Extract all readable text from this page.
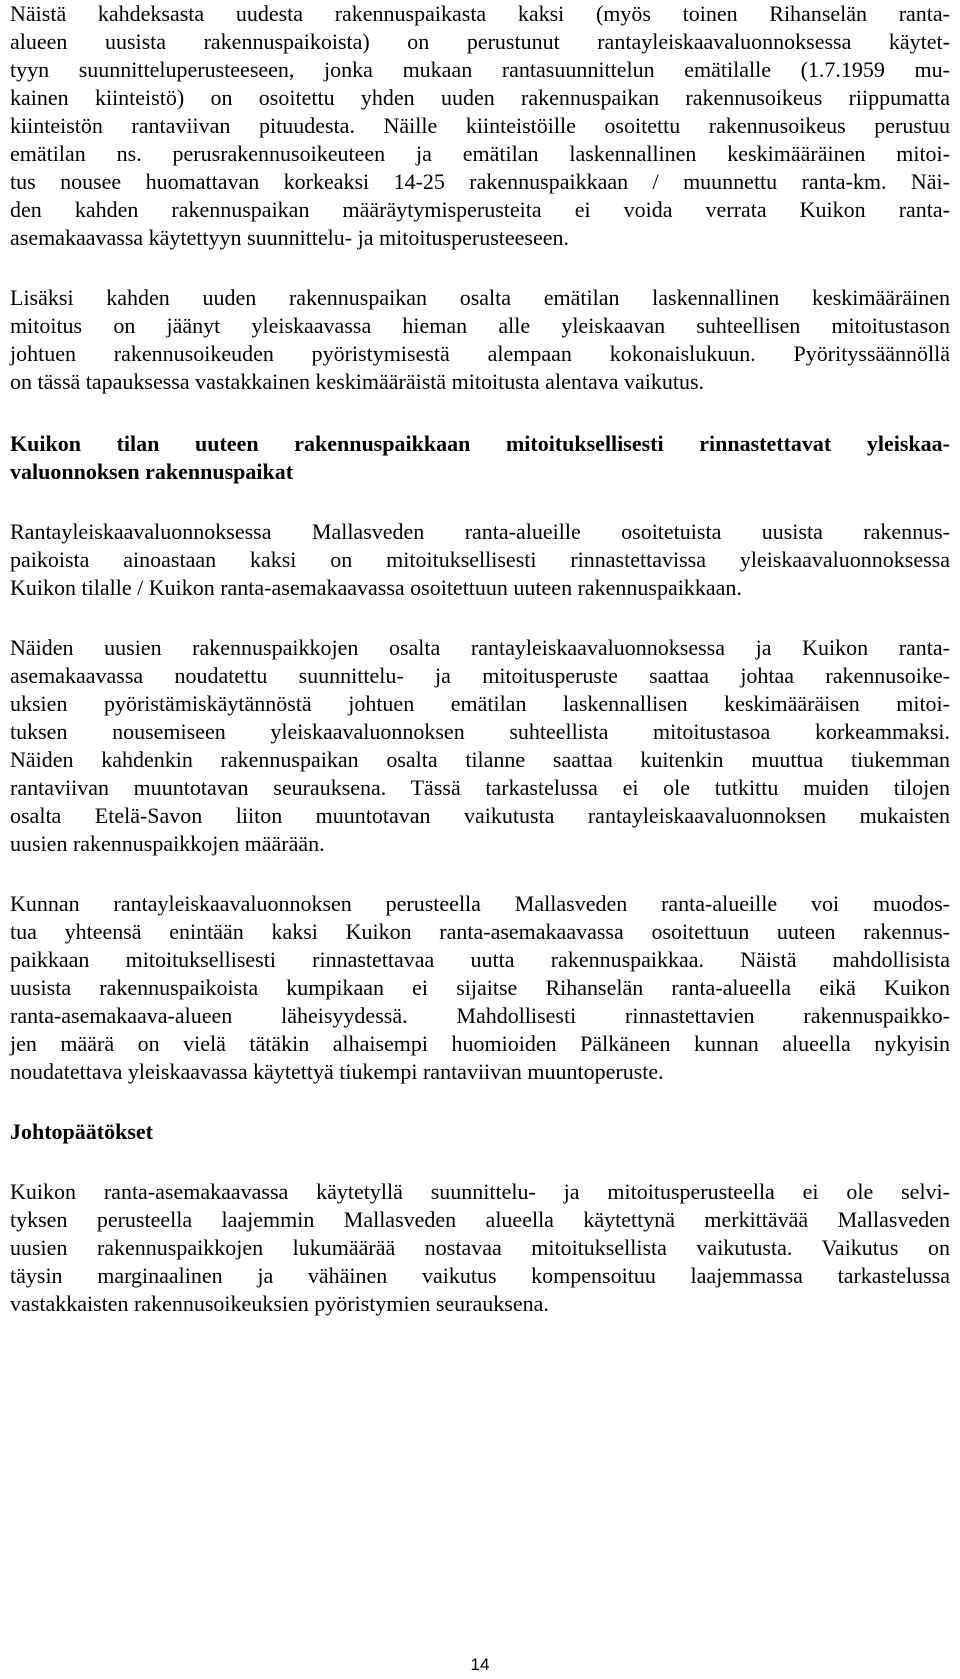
Näistä kahdeksasta uudesta rakennuspaikasta kaksi (myös toinen Rihanselän ranta-
alueen uusista rakennuspaikoista) on perustunut rantayleiskaavaluonnoksessa käytet-
tyyn suunnitteluperusteeseen, jonka mukaan rantasuunnittelun emätilalle (1.7.1959 mu-
kainen kiinteistö) on osoitettu yhden uuden rakennuspaikan rakennusoikeus riippumatta
kiinteistön rantaviivan pituudesta. Näille kiinteistöille osoitettu rakennusoikeus perustuu
emätilan ns. perusrakennusoikeuteen ja emätilan laskennallinen keskimääräinen mitoi-
tus nousee huomattavan korkeaksi 14-25 rakennuspaikkaan / muunnettu ranta-km. Näi-
den kahden rakennuspaikan määräytymisperusteita ei voida verrata Kuikon ranta-
asemakaavassa käytettyyn suunnittelu- ja mitoitusperusteeseen.
Lisäksi kahden uuden rakennuspaikan osalta emätilan laskennallinen keskimääräinen
mitoitus on jäänyt yleiskaavassa hieman alle yleiskaavan suhteellisen mitoitustason
johtuen rakennusoikeuden pyöristymisestä alempaan kokonaislukuun. Pyörityssäännöllä
on tässä tapauksessa vastakkainen keskimääräistä mitoitusta alentava vaikutus.
Kuikon tilan uuteen rakennuspaikkaan mitoituksellisesti rinnastettavat yleiskaa-
valuonnoksen rakennuspaikat
Rantayleiskaavaluonnoksessa Mallasveden ranta-alueille osoitetuista uusista rakennus-
paikoista ainoastaan kaksi on mitoituksellisesti rinnastettavissa yleiskaavaluonnoksessa
Kuikon tilalle / Kuikon ranta-asemakaavassa osoitettuun uuteen rakennuspaikkaan.
Näiden uusien rakennuspaikkojen osalta rantayleiskaavaluonnoksessa ja Kuikon ranta-
asemakaavassa noudatettu suunnittelu- ja mitoitusperuste saattaa johtaa rakennusoike-
uksien pyöristämiskäytännöstä johtuen emätilan laskennallisen keskimääräisen mitoi-
tuksen nousemiseen yleiskaavaluonnoksen suhteellista mitoitustasoa korkeammaksi.
Näiden kahdenkin rakennuspaikan osalta tilanne saattaa kuitenkin muuttua tiukemman
rantaviivan muuntotavan seurauksena. Tässä tarkastelussa ei ole tutkittu muiden tilojen
osalta Etelä-Savon liiton muuntotavan vaikutusta rantayleiskaavaluonnoksen mukaisten
uusien rakennuspaikkojen määrään.
Kunnan rantayleiskaavaluonnoksen perusteella Mallasveden ranta-alueille voi muodos-
tua yhteensä enintään kaksi Kuikon ranta-asemakaavassa osoitettuun uuteen rakennus-
paikkaan mitoituksellisesti rinnastettavaa uutta rakennuspaikkaa. Näistä mahdollisista
uusista rakennuspaikoista kumpikaan ei sijaitse Rihanselän ranta-alueella eikä Kuikon
ranta-asemakaava-alueen läheisyydessä. Mahdollisesti rinnastettavien rakennuspaikko-
jen määrä on vielä tätäkin alhaisempi huomioiden Pälkäneen kunnan alueella nykyisin
noudatettava yleiskaavassa käytettyä tiukempi rantaviivan muuntoperuste.
Johtopäätökset
Kuikon ranta-asemakaavassa käytetyllä suunnittelu- ja mitoitusperusteella ei ole selvi-
tyksen perusteella laajemmin Mallasveden alueella käytettynä merkittävää Mallasveden
uusien rakennuspaikkojen lukumäärää nostavaa mitoituksellista vaikutusta. Vaikutus on
täysin marginaalinen ja vähäinen vaikutus kompensoituu laajemmassa tarkastelussa
vastakkaisten rakennusoikeuksien pyöristymien seurauksena.
14
